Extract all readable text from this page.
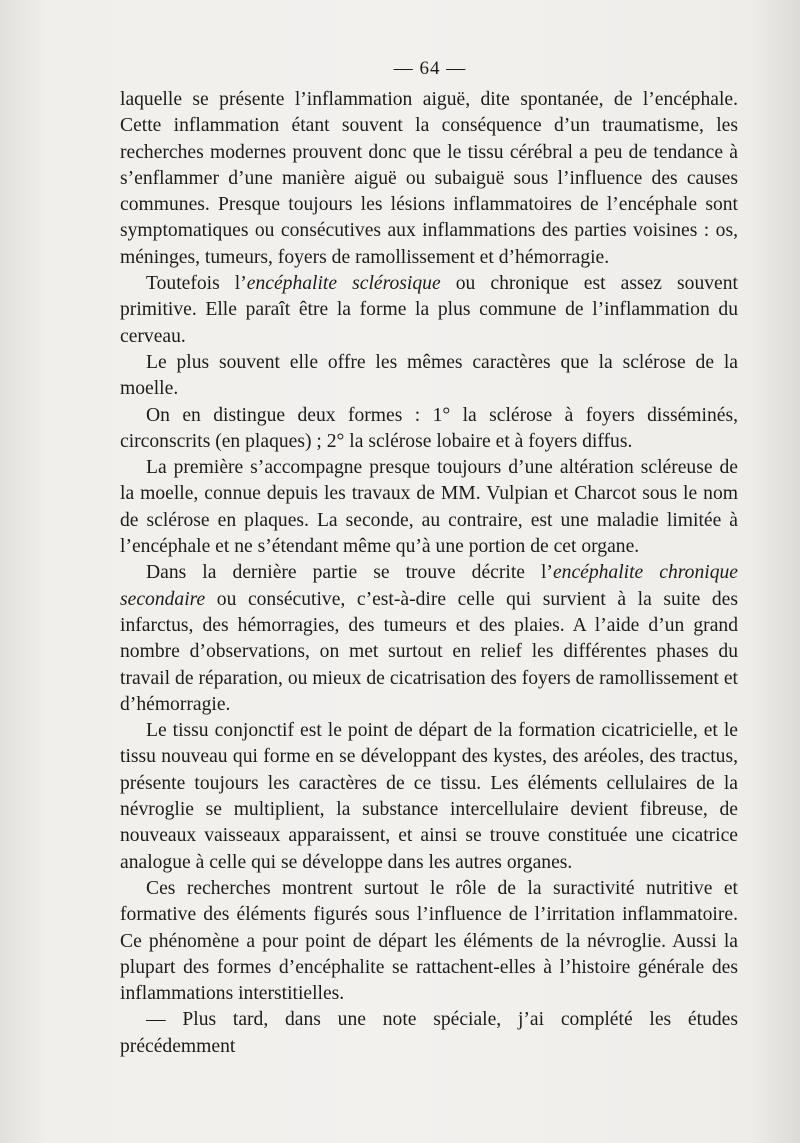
— 64 —

laquelle se présente l’inflammation aiguë, dite spontanée, de l’encéphale. Cette inflammation étant souvent la conséquence d’un traumatisme, les recherches modernes prouvent donc que le tissu cérébral a peu de tendance à s’enflammer d’une manière aiguë ou subaiguë sous l’influence des causes communes. Presque toujours les lésions inflammatoires de l’encéphale sont symptomatiques ou consécutives aux inflammations des parties voisines : os, méninges, tumeurs, foyers de ramollissement et d’hémorragie.

Toutefois l’encéphalite sclérosique ou chronique est assez souvent primitive. Elle paraît être la forme la plus commune de l’inflammation du cerveau.

Le plus souvent elle offre les mêmes caractères que la sclérose de la moelle.

On en distingue deux formes : 1° la sclérose à foyers disséminés, circonscrits (en plaques) ; 2° la sclérose lobaire et à foyers diffus.

La première s’accompagne presque toujours d’une altération scléreuse de la moelle, connue depuis les travaux de MM. Vulpian et Charcot sous le nom de sclérose en plaques. La seconde, au contraire, est une maladie limitée à l’encéphale et ne s’étendant même qu’à une portion de cet organe.

Dans la dernière partie se trouve décrite l’encéphalite chronique secondaire ou consécutive, c’est-à-dire celle qui survient à la suite des infarctus, des hémorragies, des tumeurs et des plaies. A l’aide d’un grand nombre d’observations, on met surtout en relief les différentes phases du travail de réparation, ou mieux de cicatrisation des foyers de ramollissement et d’hémorragie.

Le tissu conjonctif est le point de départ de la formation cicatricielle, et le tissu nouveau qui forme en se développant des kystes, des aréoles, des tractus, présente toujours les caractères de ce tissu. Les éléments cellulaires de la névroglie se multiplient, la substance intercellulaire devient fibreuse, de nouveaux vaisseaux apparaissent, et ainsi se trouve constituée une cicatrice analogue à celle qui se développe dans les autres organes.

Ces recherches montrent surtout le rôle de la suractivité nutritive et formative des éléments figurés sous l’influence de l’irritation inflammatoire. Ce phénomène a pour point de départ les éléments de la névroglie. Aussi la plupart des formes d’encéphalite se rattachent-elles à l’histoire générale des inflammations interstitielles.

— Plus tard, dans une note spéciale, j’ai complété les études précédemment
